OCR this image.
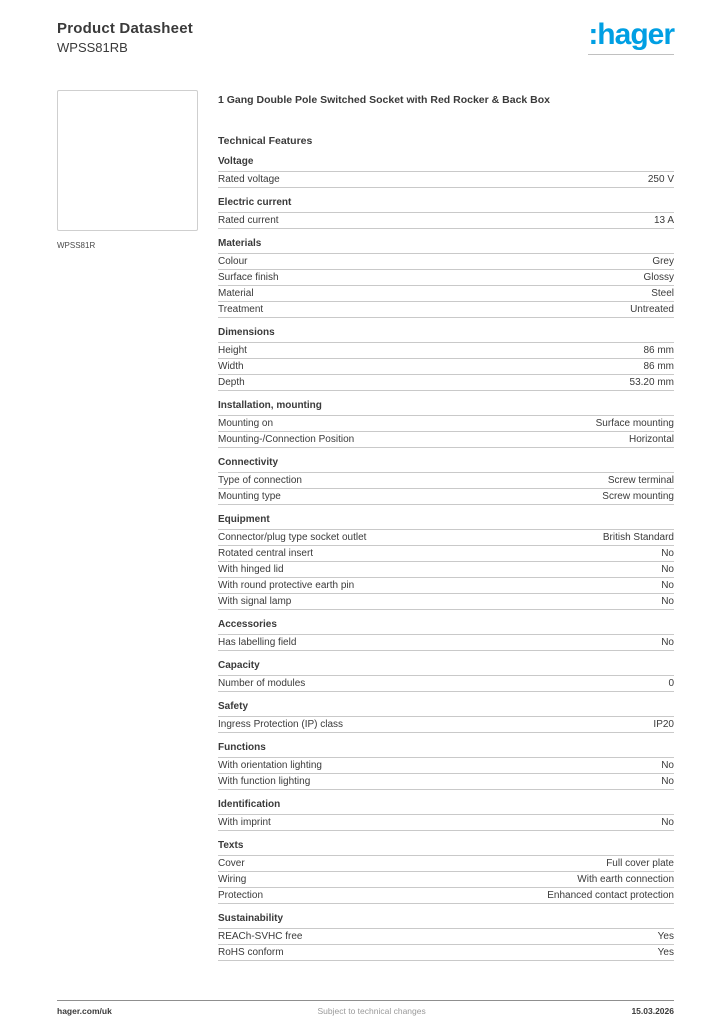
Product Datasheet
WPSS81RB	:hager
WPSS81R
1 Gang Double Pole Switched Socket with Red Rocker & Back Box
Technical Features
Voltage
Rated voltage	250 V
Electric current
Rated current	13 A
Materials
Colour	Grey
Surface finish	Glossy
Material	Steel
Treatment	Untreated
Dimensions
Height	86 mm
Width	86 mm
Depth	53.20 mm
Installation, mounting
Mounting on	Surface mounting
Mounting-/Connection Position	Horizontal
Connectivity
Type of connection	Screw terminal
Mounting type	Screw mounting
Equipment
Connector/plug type socket outlet	British Standard
Rotated central insert	No
With hinged lid	No
With round protective earth pin	No
With signal lamp	No
Accessories
Has labelling field	No
Capacity
Number of modules	0
Safety
Ingress Protection (IP) class	IP20
Functions
With orientation lighting	No
With function lighting	No
Identification
With imprint	No
Texts
Cover	Full cover plate
Wiring	With earth connection
Protection	Enhanced contact protection
Sustainability
REACh-SVHC free	Yes
RoHS conform	Yes
hager.com/uk	Subject to technical changes	15.03.2026
